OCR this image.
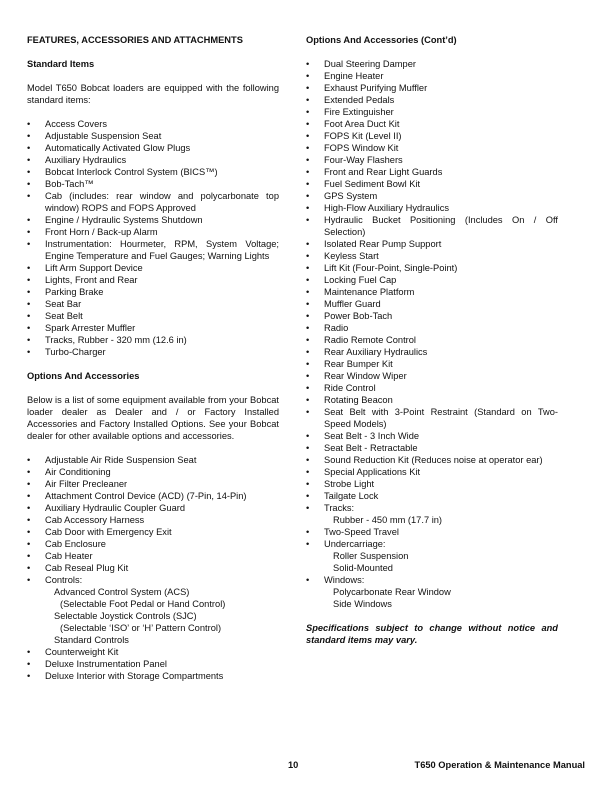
FEATURES, ACCESSORIES AND ATTACHMENTS

Standard Items

Model T650 Bobcat loaders are equipped with the following standard items:

• Access Covers
• Adjustable Suspension Seat
• Automatically Activated Glow Plugs
• Auxiliary Hydraulics
• Bobcat Interlock Control System (BICS™)
• Bob-Tach™
• Cab (includes: rear window and polycarbonate top window) ROPS and FOPS Approved
• Engine / Hydraulic Systems Shutdown
• Front Horn / Back-up Alarm
• Instrumentation: Hourmeter, RPM, System Voltage; Engine Temperature and Fuel Gauges; Warning Lights
• Lift Arm Support Device
• Lights, Front and Rear
• Parking Brake
• Seat Bar
• Seat Belt
• Spark Arrester Muffler
• Tracks, Rubber - 320 mm (12.6 in)
• Turbo-Charger

Options And Accessories

Below is a list of some equipment available from your Bobcat loader dealer as Dealer and / or Factory Installed Accessories and Factory Installed Options. See your Bobcat dealer for other available options and accessories.

• Adjustable Air Ride Suspension Seat
• Air Conditioning
• Air Filter Precleaner
• Attachment Control Device (ACD) (7-Pin, 14-Pin)
• Auxiliary Hydraulic Coupler Guard
• Cab Accessory Harness
• Cab Door with Emergency Exit
• Cab Enclosure
• Cab Heater
• Cab Reseal Plug Kit
• Controls:
Advanced Control System (ACS)
(Selectable Foot Pedal or Hand Control)
Selectable Joystick Controls (SJC)
(Selectable ‘ISO’ or ‘H’ Pattern Control)
Standard Controls
• Counterweight Kit
• Deluxe Instrumentation Panel
• Deluxe Interior with Storage Compartments

Options And Accessories (Cont’d)

• Dual Steering Damper
• Engine Heater
• Exhaust Purifying Muffler
• Extended Pedals
• Fire Extinguisher
• Foot Area Duct Kit
• FOPS Kit (Level II)
• FOPS Window Kit
• Four-Way Flashers
• Front and Rear Light Guards
• Fuel Sediment Bowl Kit
• GPS System
• High-Flow Auxiliary Hydraulics
• Hydraulic Bucket Positioning (Includes On / Off Selection)
• Isolated Rear Pump Support
• Keyless Start
• Lift Kit (Four-Point, Single-Point)
• Locking Fuel Cap
• Maintenance Platform
• Muffler Guard
• Power Bob-Tach
• Radio
• Radio Remote Control
• Rear Auxiliary Hydraulics
• Rear Bumper Kit
• Rear Window Wiper
• Ride Control
• Rotating Beacon
• Seat Belt with 3-Point Restraint (Standard on Two-Speed Models)
• Seat Belt - 3 Inch Wide
• Seat Belt - Retractable
• Sound Reduction Kit (Reduces noise at operator ear)
• Special Applications Kit
• Strobe Light
• Tailgate Lock
• Tracks:
Rubber - 450 mm (17.7 in)
• Two-Speed Travel
• Undercarriage:
Roller Suspension
Solid-Mounted
• Windows:
Polycarbonate Rear Window
Side Windows

Specifications subject to change without notice and standard items may vary.

10	T650 Operation & Maintenance Manual
